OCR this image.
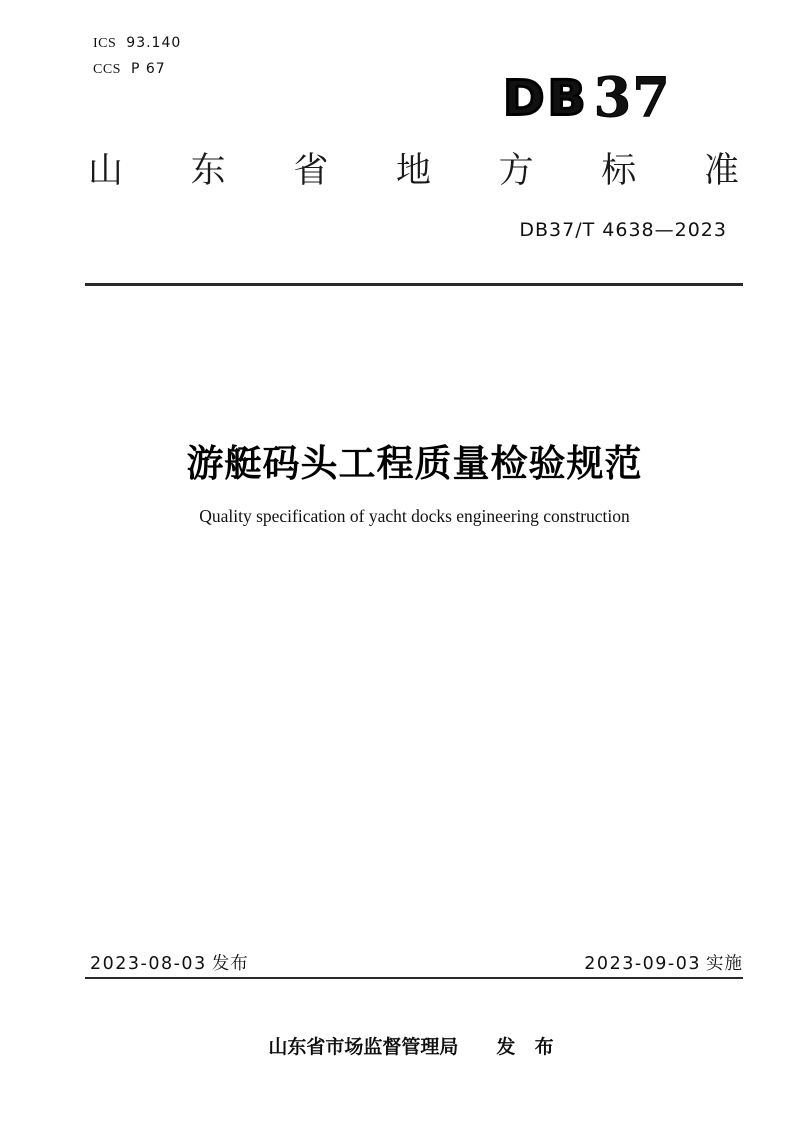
ICS 93.140
CCS P 67
DB 37
山 东 省 地 方 标 准
DB37/T 4638—2023
游艇码头工程质量检验规范
Quality specification of yacht docks engineering construction
2023-08-03 发布	2023-09-03 实施
山东省市场监督管理局 发 布
